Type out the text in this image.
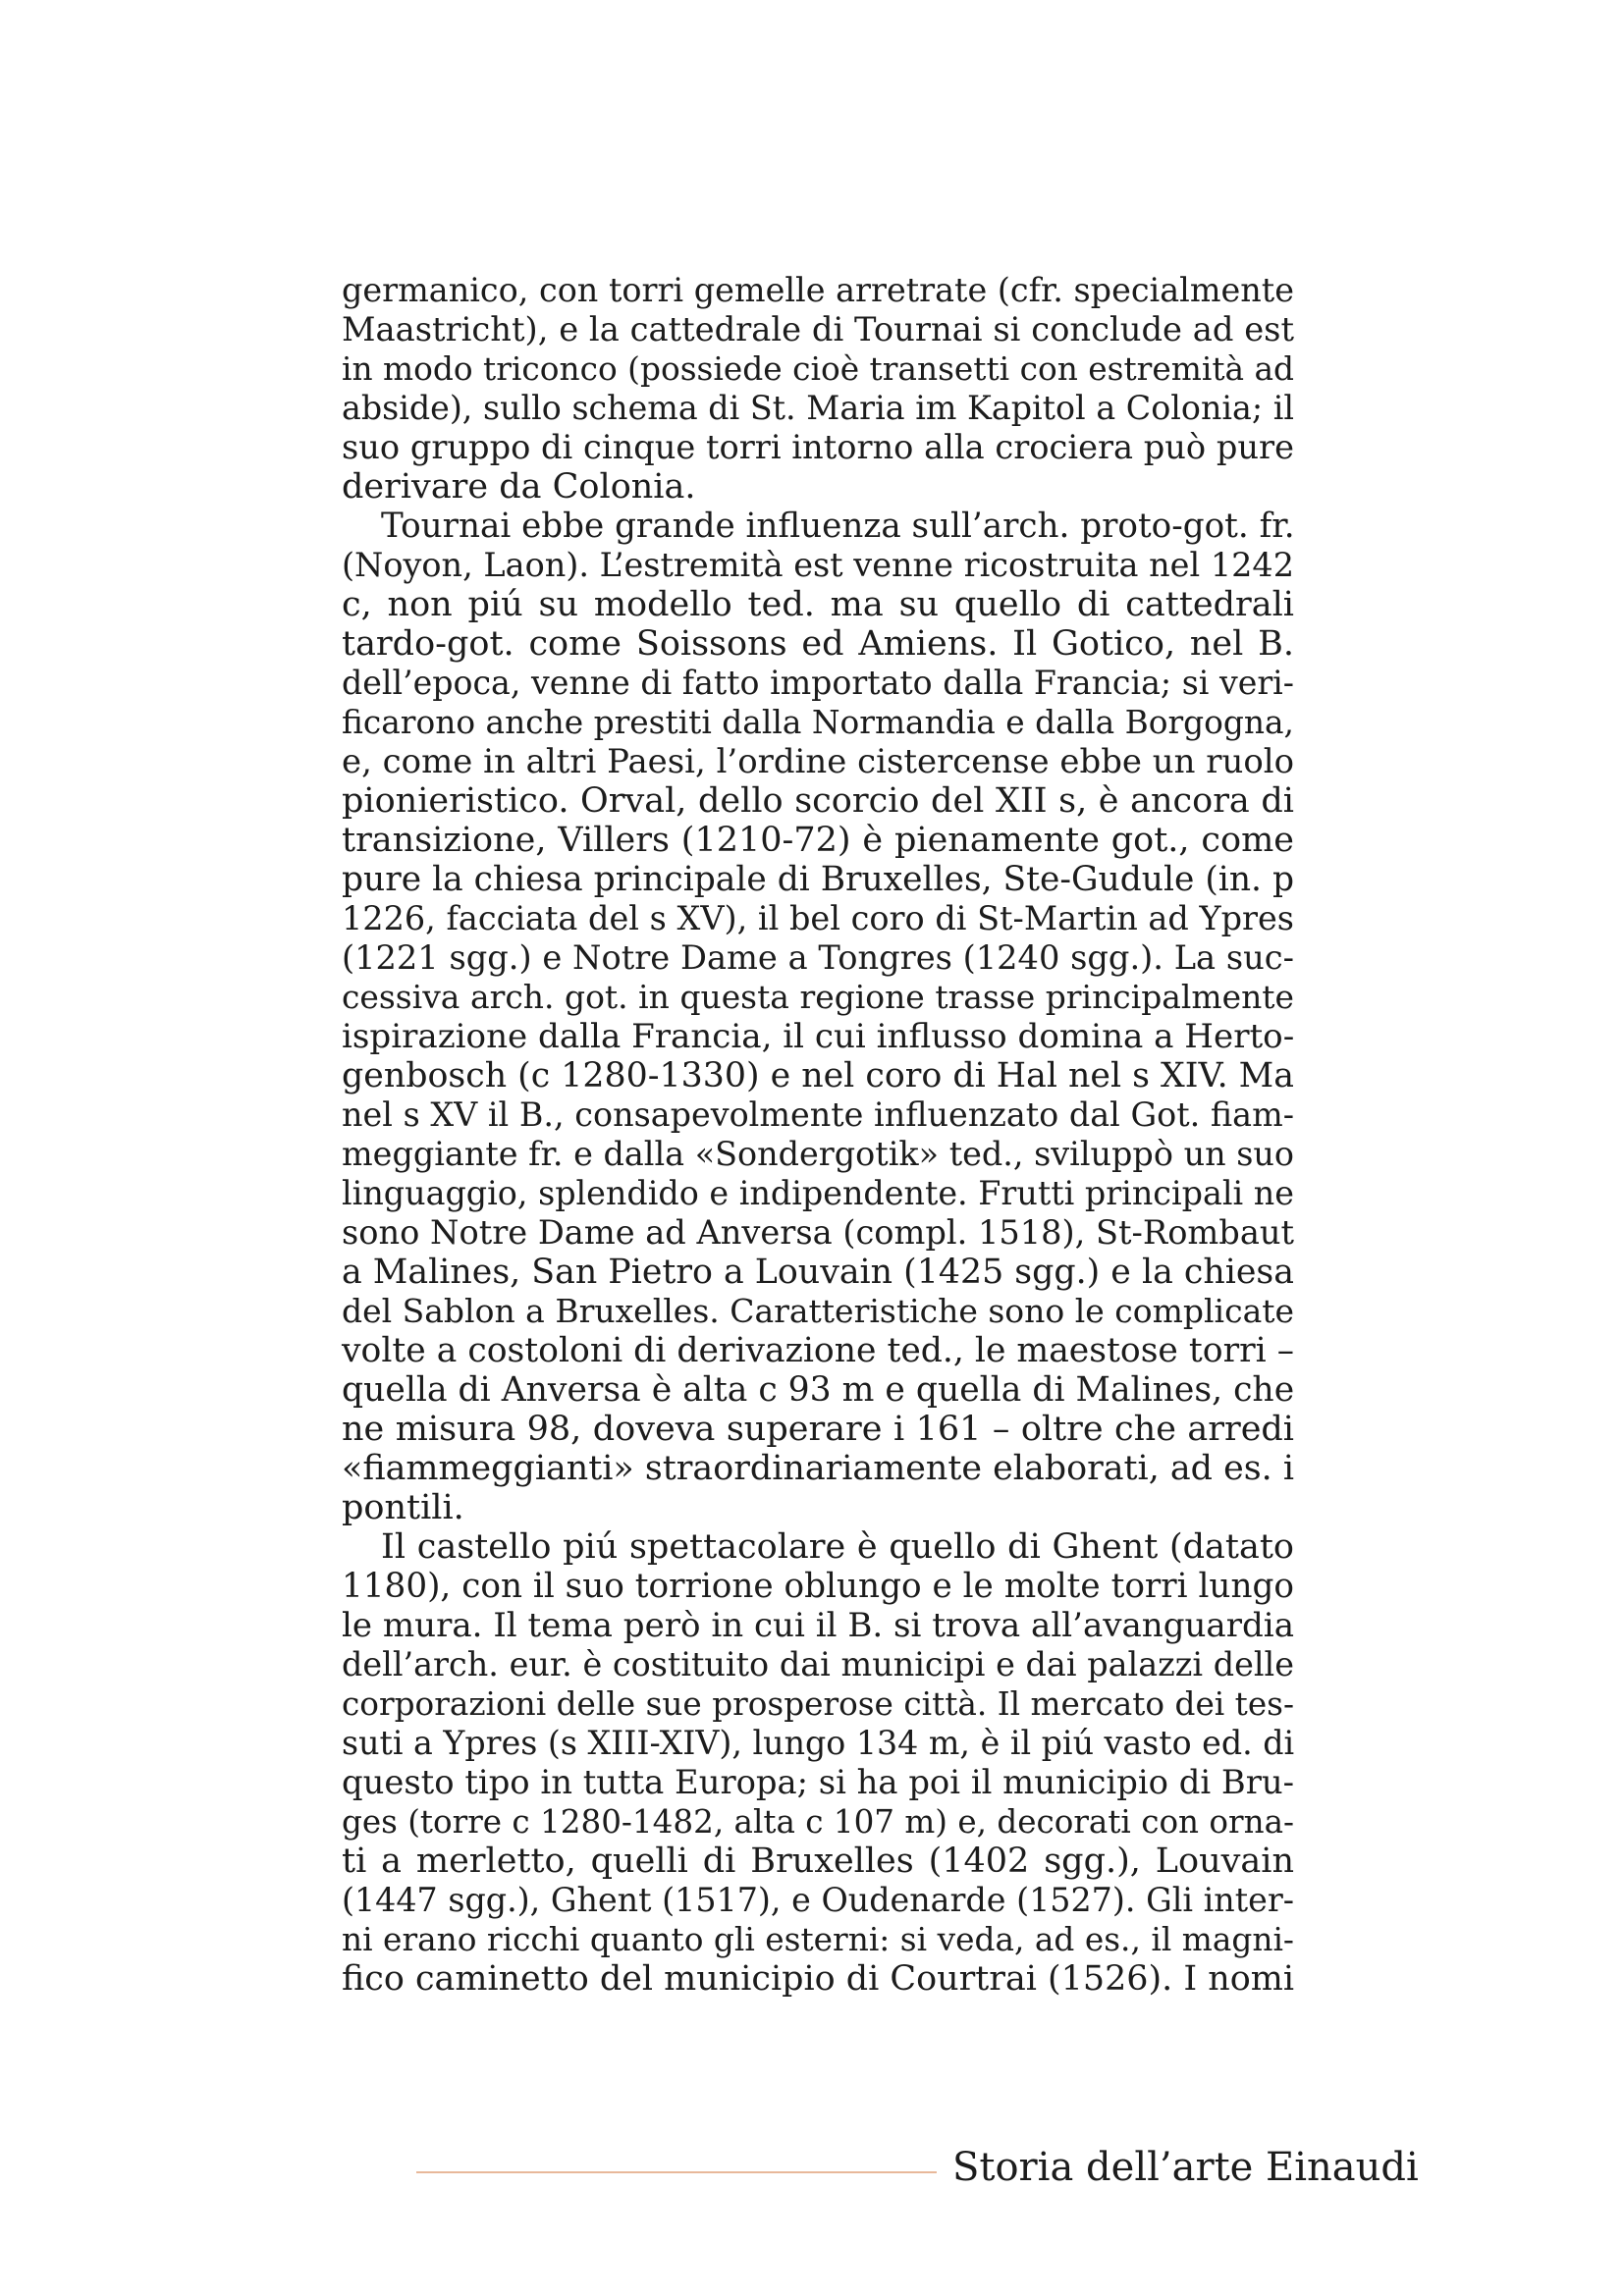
germanico, con torri gemelle arretrate (cfr. specialmente
Maastricht), e la cattedrale di Tournai si conclude ad est
in modo triconco (possiede cioè transetti con estremità ad
abside), sullo schema di St. Maria im Kapitol a Colonia; il
suo gruppo di cinque torri intorno alla crociera può pure
derivare da Colonia.

Tournai ebbe grande influenza sull’arch. proto-got. fr.
(Noyon, Laon). L’estremità est venne ricostruita nel 1242
c, non piú su modello ted. ma su quello di cattedrali
tardo-got. come Soissons ed Amiens. Il Gotico, nel B.
dell’epoca, venne di fatto importato dalla Francia; si veri-
ficarono anche prestiti dalla Normandia e dalla Borgogna,
e, come in altri Paesi, l’ordine cistercense ebbe un ruolo
pionieristico. Orval, dello scorcio del XII s, è ancora di
transizione, Villers (1210-72) è pienamente got., come
pure la chiesa principale di Bruxelles, Ste-Gudule (in. p
1226, facciata del s XV), il bel coro di St-Martin ad Ypres
(1221 sgg.) e Notre Dame a Tongres (1240 sgg.). La suc-
cessiva arch. got. in questa regione trasse principalmente
ispirazione dalla Francia, il cui influsso domina a Herto-
genbosch (c 1280-1330) e nel coro di Hal nel s XIV. Ma
nel s XV il B., consapevolmente influenzato dal Got. fiam-
meggiante fr. e dalla «Sondergotik» ted., sviluppò un suo
linguaggio, splendido e indipendente. Frutti principali ne
sono Notre Dame ad Anversa (compl. 1518), St-Rombaut
a Malines, San Pietro a Louvain (1425 sgg.) e la chiesa
del Sablon a Bruxelles. Caratteristiche sono le complicate
volte a costoloni di derivazione ted., le maestose torri –
quella di Anversa è alta c 93 m e quella di Malines, che
ne misura 98, doveva superare i 161 – oltre che arredi
«fiammeggianti» straordinariamente elaborati, ad es. i
pontili.

Il castello piú spettacolare è quello di Ghent (datato
1180), con il suo torrione oblungo e le molte torri lungo
le mura. Il tema però in cui il B. si trova all’avanguardia
dell’arch. eur. è costituito dai municipi e dai palazzi delle
corporazioni delle sue prosperose città. Il mercato dei tes-
suti a Ypres (s XIII-XIV), lungo 134 m, è il piú vasto ed. di
questo tipo in tutta Europa; si ha poi il municipio di Bru-
ges (torre c 1280-1482, alta c 107 m) e, decorati con orna-
ti a merletto, quelli di Bruxelles (1402 sgg.), Louvain
(1447 sgg.), Ghent (1517), e Oudenarde (1527). Gli inter-
ni erano ricchi quanto gli esterni: si veda, ad es., il magni-
fico caminetto del municipio di Courtrai (1526). I nomi

Storia dell’arte Einaudi
